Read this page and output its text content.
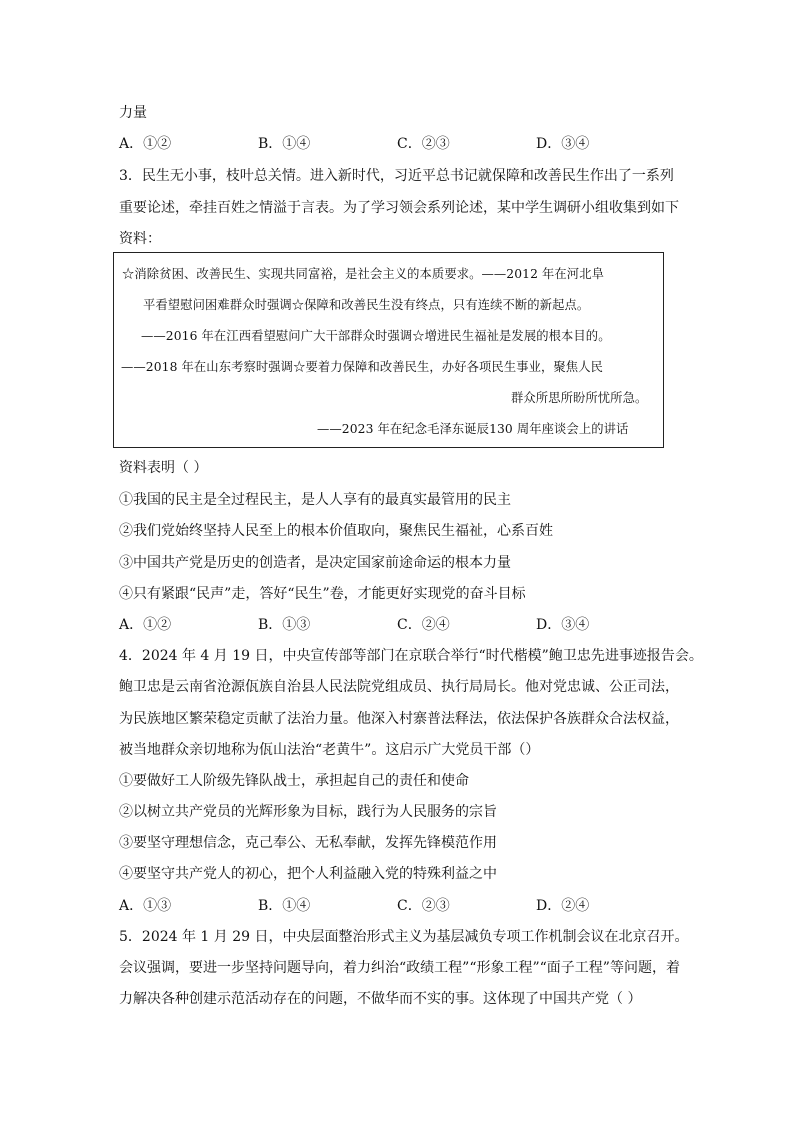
力量
A．①②	B．①④	C．②③	D．③④
3．民生无小事，枝叶总关情。进入新时代，习近平总书记就保障和改善民生作出了一系列
重要论述，牵挂百姓之情溢于言表。为了学习领会系列论述，某中学生调研小组收集到如下
资料：
☆消除贫困、改善民生、实现共同富裕，是社会主义的本质要求。——2012 年在河北阜
平看望慰问困难群众时强调☆保障和改善民生没有终点，只有连续不断的新起点。
——2016 年在江西看望慰问广大干部群众时强调☆增进民生福祉是发展的根本目的。
——2018 年在山东考察时强调☆要着力保障和改善民生，办好各项民生事业，聚焦人民
群众所思所盼所忧所急。
——2023 年在纪念毛泽东诞辰130 周年座谈会上的讲话
资料表明（ ）
①我国的民主是全过程民主，是人人享有的最真实最管用的民主
②我们党始终坚持人民至上的根本价值取向，聚焦民生福祉，心系百姓
③中国共产党是历史的创造者，是决定国家前途命运的根本力量
④只有紧跟“民声”走，答好“民生”卷，才能更好实现党的奋斗目标
A．①②	B．①③	C．②④	D．③④
4．2024 年 4 月 19 日，中央宣传部等部门在京联合举行“时代楷模”鲍卫忠先进事迹报告会。
鲍卫忠是云南省沧源佤族自治县人民法院党组成员、执行局局长。他对党忠诚、公正司法，
为民族地区繁荣稳定贡献了法治力量。他深入村寨普法释法，依法保护各族群众合法权益，
被当地群众亲切地称为佤山法治“老黄牛”。这启示广大党员干部（）
①要做好工人阶级先锋队战士，承担起自己的责任和使命
②以树立共产党员的光辉形象为目标，践行为人民服务的宗旨
③要坚守理想信念，克己奉公、无私奉献，发挥先锋模范作用
④要坚守共产党人的初心，把个人利益融入党的特殊利益之中
A．①③	B．①④	C．②③	D．②④
5．2024 年 1 月 29 日，中央层面整治形式主义为基层减负专项工作机制会议在北京召开。
会议强调，要进一步坚持问题导向，着力纠治“政绩工程”“形象工程”“面子工程”等问题，着
力解决各种创建示范活动存在的问题，不做华而不实的事。这体现了中国共产党（ ）
